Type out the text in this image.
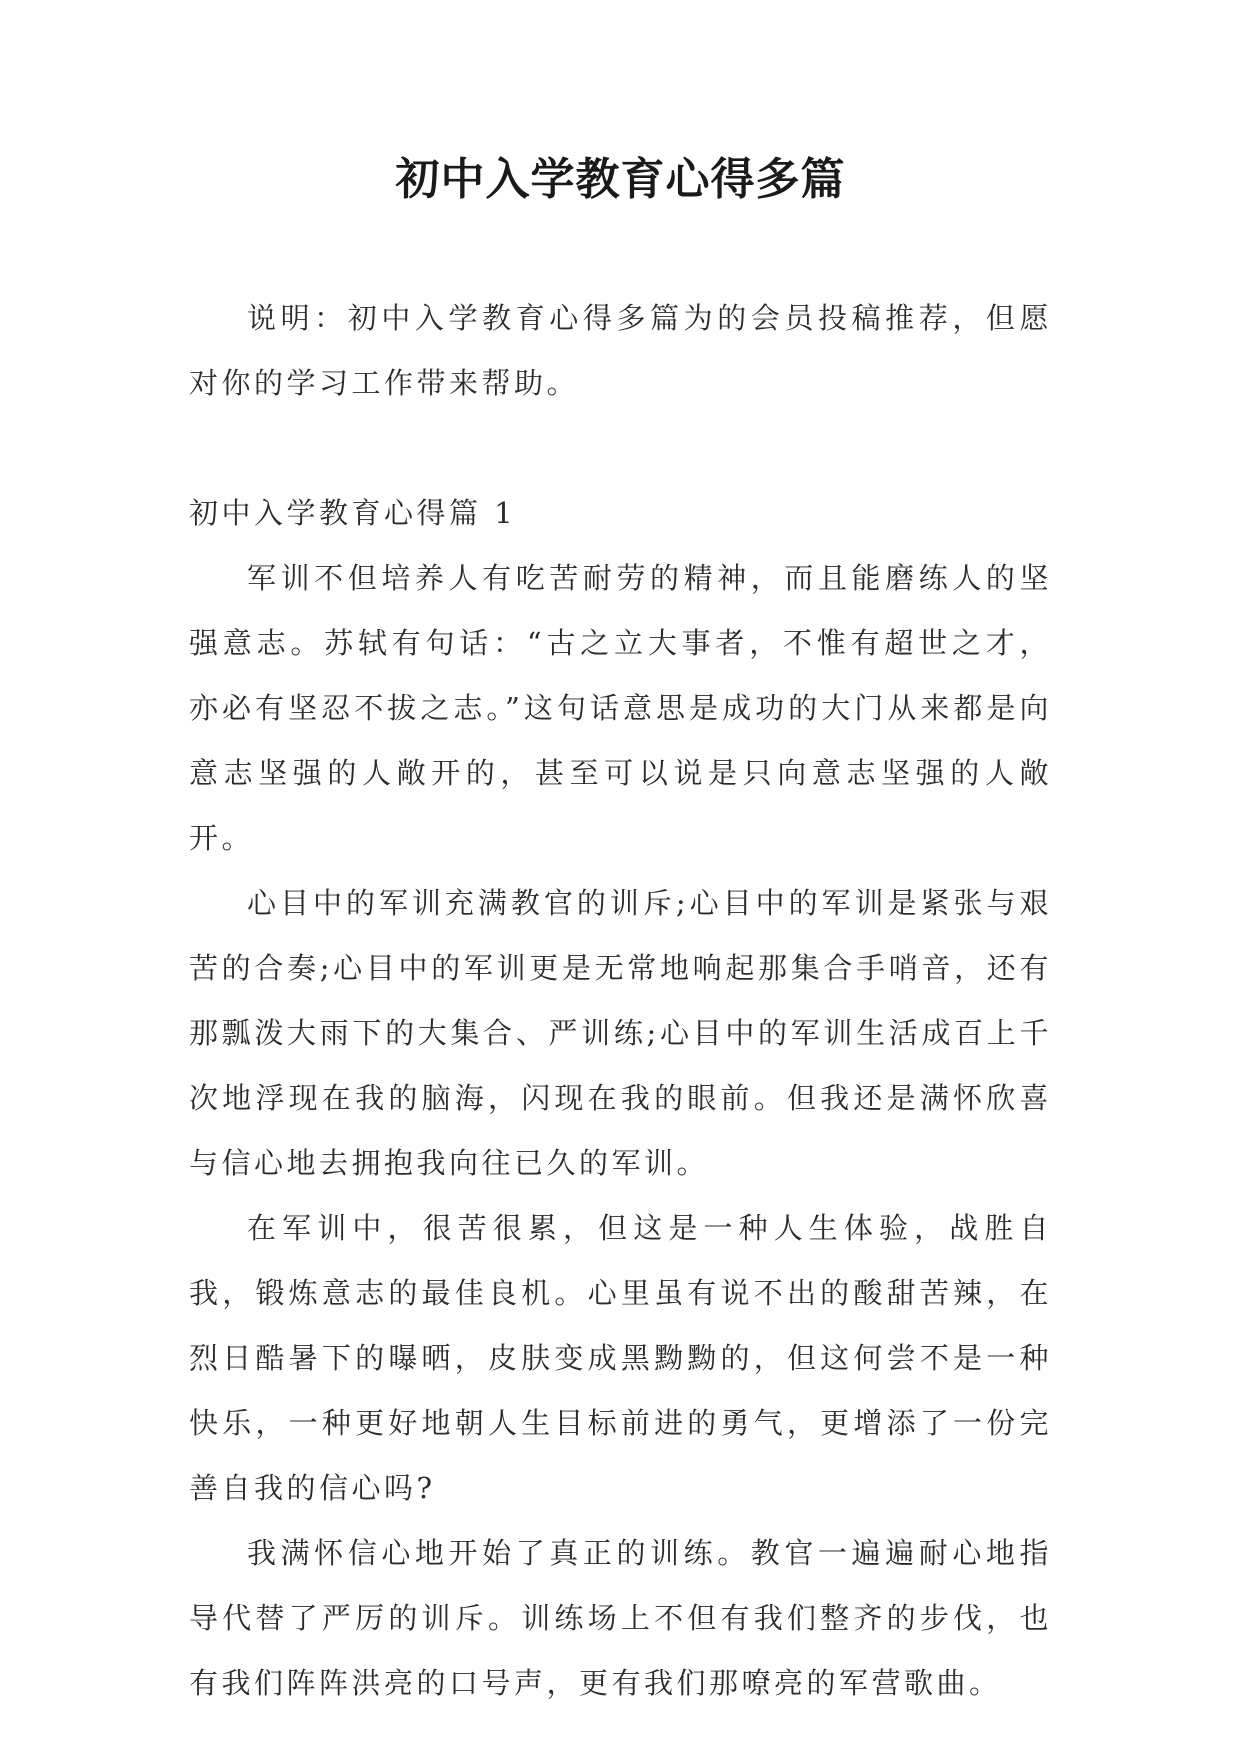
初中入学教育心得多篇

说明：初中入学教育心得多篇为的会员投稿推荐，但愿对你的学习工作带来帮助。

初中入学教育心得篇 1

军训不但培养人有吃苦耐劳的精神，而且能磨练人的坚强意志。苏轼有句话：“古之立大事者，不惟有超世之才，亦必有坚忍不拔之志。”这句话意思是成功的大门从来都是向意志坚强的人敞开的，甚至可以说是只向意志坚强的人敞开。

心目中的军训充满教官的训斥;心目中的军训是紧张与艰苦的合奏;心目中的军训更是无常地响起那集合手哨音，还有那瓢泼大雨下的大集合、严训练;心目中的军训生活成百上千次地浮现在我的脑海，闪现在我的眼前。但我还是满怀欣喜与信心地去拥抱我向往已久的军训。

在军训中，很苦很累，但这是一种人生体验，战胜自我，锻炼意志的最佳良机。心里虽有说不出的酸甜苦辣，在烈日酷暑下的曝晒，皮肤变成黑黝黝的，但这何尝不是一种快乐，一种更好地朝人生目标前进的勇气，更增添了一份完善自我的信心吗?

我满怀信心地开始了真正的训练。教官一遍遍耐心地指导代替了严厉的训斥。训练场上不但有我们整齐的步伐，也有我们阵阵洪亮的口号声，更有我们那嘹亮的军营歌曲。
